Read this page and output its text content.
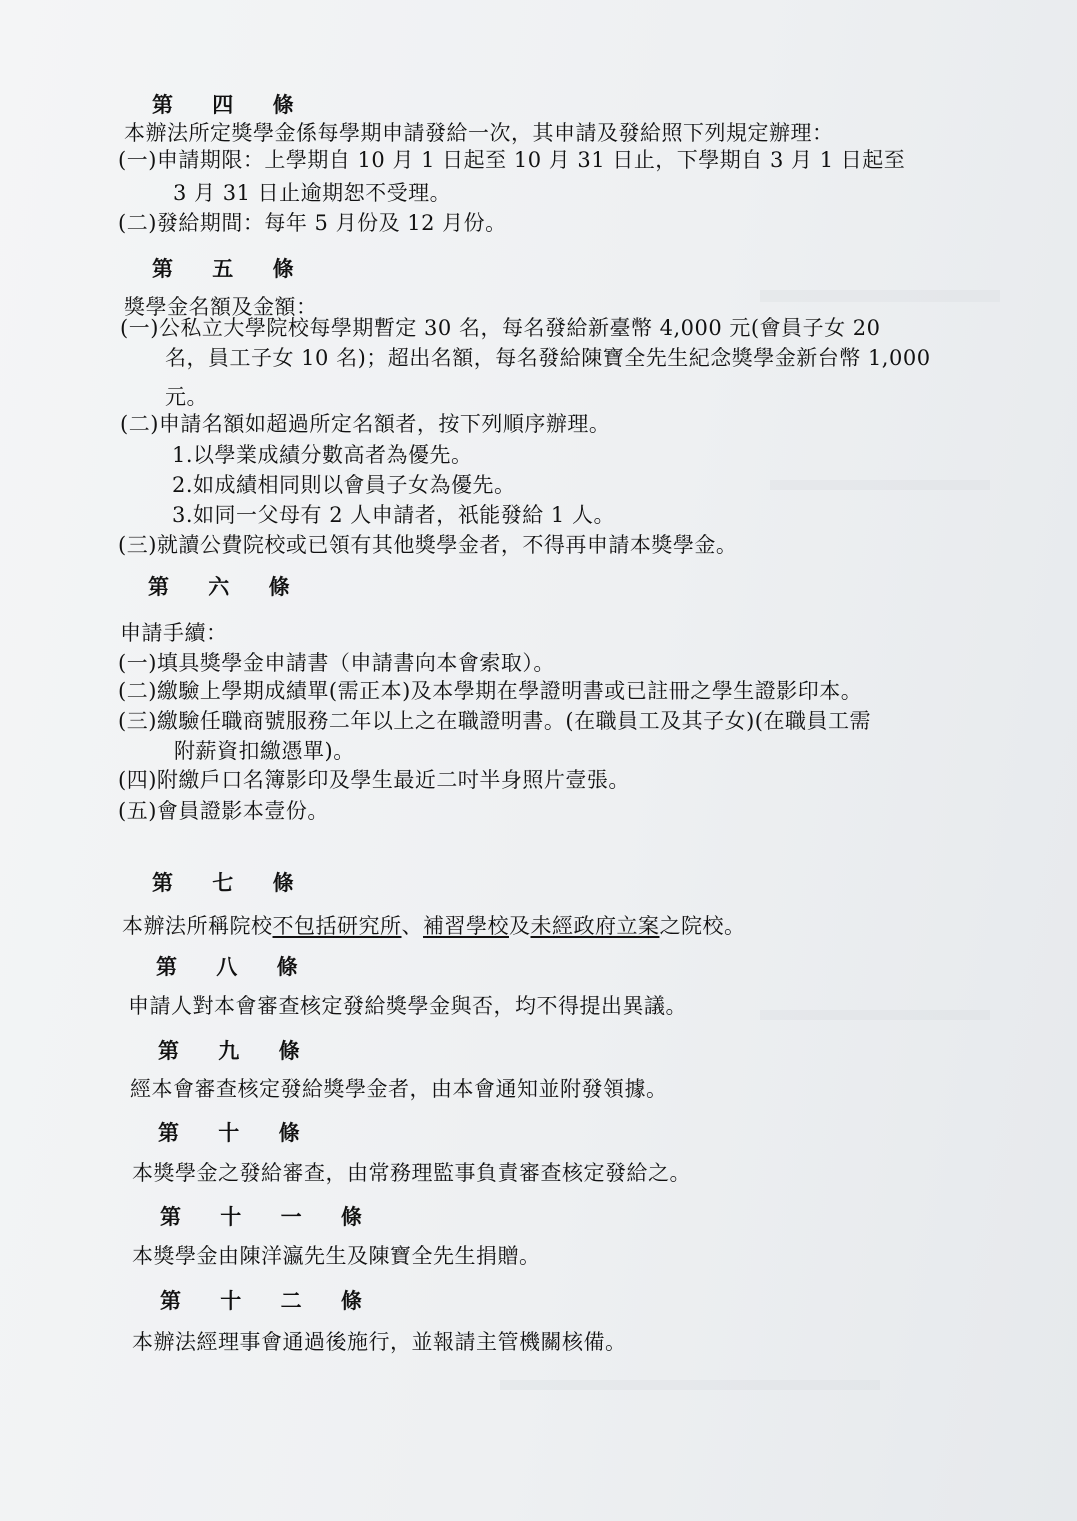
第 四 條
本辦法所定獎學金係每學期申請發給一次，其申請及發給照下列規定辦理：
(一)申請期限：上學期自 10 月 1 日起至 10 月 31 日止，下學期自 3 月 1 日起至
3 月 31 日止逾期恕不受理。
(二)發給期間：每年 5 月份及 12 月份。
第 五 條
獎學金名額及金額：
(一)公私立大學院校每學期暫定 30 名，每名發給新臺幣 4,000 元(會員子女 20
名，員工子女 10 名)；超出名額，每名發給陳寶全先生紀念獎學金新台幣 1,000
元。
(二)申請名額如超過所定名額者，按下列順序辦理。
1.以學業成績分數高者為優先。
2.如成績相同則以會員子女為優先。
3.如同一父母有 2 人申請者，祇能發給 1 人。
(三)就讀公費院校或已領有其他獎學金者，不得再申請本獎學金。
第 六 條
申請手續：
(一)填具獎學金申請書（申請書向本會索取）。
(二)繳驗上學期成績單(需正本)及本學期在學證明書或已註冊之學生證影印本。
(三)繳驗任職商號服務二年以上之在職證明書。(在職員工及其子女)(在職員工需
附薪資扣繳憑單)。
(四)附繳戶口名簿影印及學生最近二吋半身照片壹張。
(五)會員證影本壹份。
第 七 條
本辦法所稱院校不包括研究所、補習學校及未經政府立案之院校。
第 八 條
申請人對本會審查核定發給獎學金與否，均不得提出異議。
第 九 條
經本會審查核定發給獎學金者，由本會通知並附發領據。
第 十 條
本獎學金之發給審查，由常務理監事負責審查核定發給之。
第 十 一 條
本獎學金由陳洋瀛先生及陳寶全先生捐贈。
第 十 二 條
本辦法經理事會通過後施行，並報請主管機關核備。
